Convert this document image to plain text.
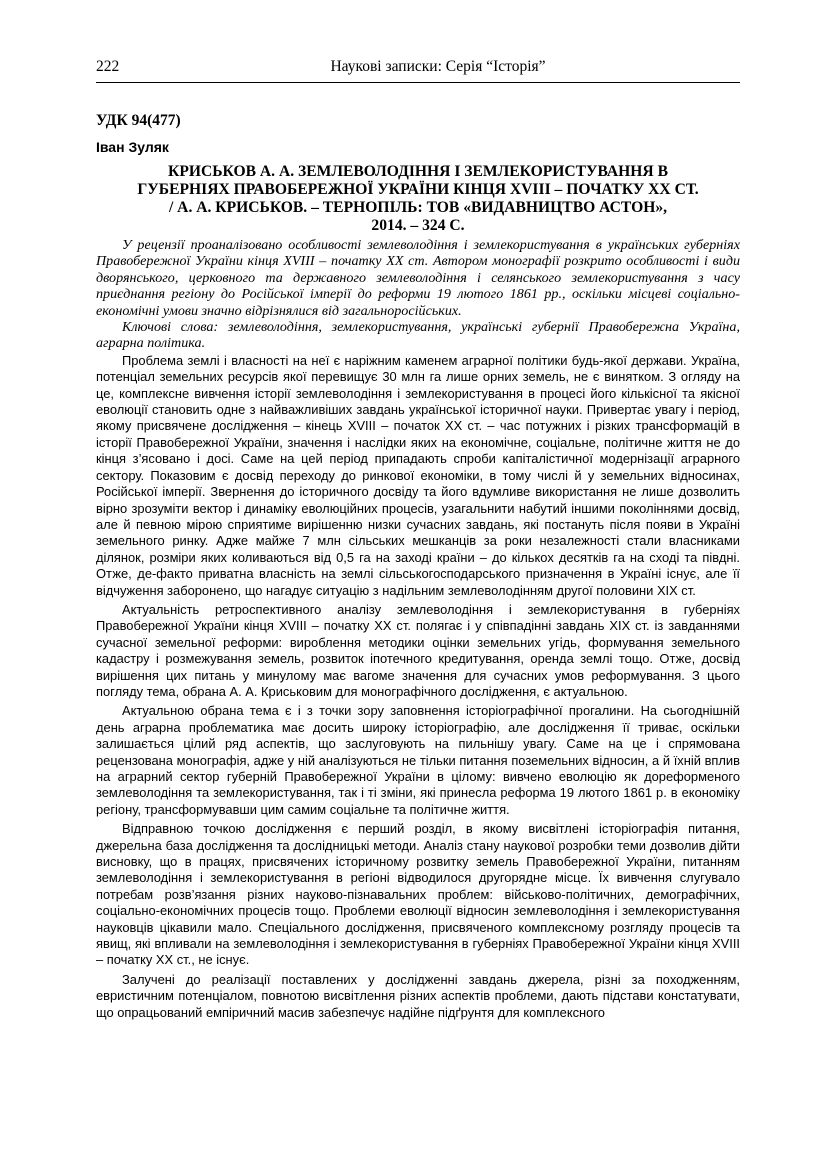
222	Наукові записки: Серія “Історія”
УДК 94(477)
Іван Зуляк
КРИСЬКОВ А. А. ЗЕМЛЕВОЛОДІННЯ І ЗЕМЛЕКОРИСТУВАННЯ В
ГУБЕРНІЯХ ПРАВОБЕРЕЖНОЇ УКРАЇНИ КІНЦЯ XVIII – ПОЧАТКУ XX СТ.
/ А. А. КРИСЬКОВ. – ТЕРНОПІЛЬ: ТОВ «ВИДАВНИЦТВО АСТОН»,
2014. – 324 С.

У рецензії проаналізовано особливості землеволодіння і землекористування в українських губерніях Правобережної України кінця XVIII – початку XX ст. Автором монографії розкрито особливості і види дворянського, церковного та державного землеволодіння і селянського землекористування з часу приєднання регіону до Російської імперії до реформи 19 лютого 1861 рр., оскільки місцеві соціально-економічні умови значно відрізнялися від загальноросійських.

Ключові слова: землеволодіння, землекористування, українські губернії Правобережна Україна, аграрна політика.

Проблема землі і власності на неї є наріжним каменем аграрної політики будь-якої держави. Україна, потенціал земельних ресурсів якої перевищує 30 млн га лише орних земель, не є винятком. З огляду на це, комплексне вивчення історії землеволодіння і землекористування в процесі його кількісної та якісної еволюції становить одне з найважливіших завдань української історичної науки. Привертає увагу і період, якому присвячене дослідження – кінець XVIII – початок XX ст. – час потужних і різких трансформацій в історії Правобережної України, значення і наслідки яких на економічне, соціальне, політичне життя не до кінця з’ясовано і досі. Саме на цей період припадають спроби капіталістичної модернізації аграрного сектору. Показовим є досвід переходу до ринкової економіки, в тому числі й у земельних відносинах, Російської імперії. Звернення до історичного досвіду та його вдумливе використання не лише дозволить вірно зрозуміти вектор і динаміку еволюційних процесів, узагальнити набутий іншими поколіннями досвід, але й певною мірою сприятиме вирішенню низки сучасних завдань, які постануть після появи в Україні земельного ринку. Адже майже 7 млн сільських мешканців за роки незалежності стали власниками ділянок, розміри яких коливаються від 0,5 га на заході країни – до кількох десятків га на сході та півдні. Отже, де-факто приватна власність на землі сільськогосподарського призначення в Україні існує, але її відчуження заборонено, що нагадує ситуацію з надільним землеволодінням другої половини XIX ст.

Актуальність ретроспективного аналізу землеволодіння і землекористування в губерніях Правобережної України кінця XVIII – початку XX ст. полягає і у співпадінні завдань XIX ст. із завданнями сучасної земельної реформи: вироблення методики оцінки земельних угідь, формування земельного кадастру і розмежування земель, розвиток іпотечного кредитування, оренда землі тощо. Отже, досвід вирішення цих питань у минулому має вагоме значення для сучасних умов реформування. З цього погляду тема, обрана А. А. Криськовим для монографічного дослідження, є актуальною.

Актуальною обрана тема є і з точки зору заповнення історіографічної прогалини. На сьогоднішній день аграрна проблематика має досить широку історіографію, але дослідження її триває, оскільки залишається цілий ряд аспектів, що заслуговують на пильнішу увагу. Саме на це і спрямована рецензована монографія, адже у ній аналізуються не тільки питання поземельних відносин, а й їхній вплив на аграрний сектор губерній Правобережної України в цілому: вивчено еволюцію як дореформеного землеволодіння та землекористування, так і ті зміни, які принесла реформа 19 лютого 1861 р. в економіку регіону, трансформувавши цим самим соціальне та політичне життя.

Відправною точкою дослідження є перший розділ, в якому висвітлені історіографія питання, джерельна база дослідження та дослідницькі методи. Аналіз стану наукової розробки теми дозволив дійти висновку, що в працях, присвячених історичному розвитку земель Правобережної України, питанням землеволодіння і землекористування в регіоні відводилося другорядне місце. Їх вивчення слугувало потребам розв’язання різних науково-пізнавальних проблем: військово-політичних, демографічних, соціально-економічних процесів тощо. Проблеми еволюції відносин землеволодіння і землекористування науковців цікавили мало. Спеціального дослідження, присвяченого комплексному розгляду процесів та явищ, які впливали на землеволодіння і землекористування в губерніях Правобережної України кінця XVIII – початку XX ст., не існує.

Залучені до реалізації поставлених у дослідженні завдань джерела, різні за походженням, евристичним потенціалом, повнотою висвітлення різних аспектів проблеми, дають підстави констатувати, що опрацьований емпіричний масив забезпечує надійне підґрунтя для комплексного
